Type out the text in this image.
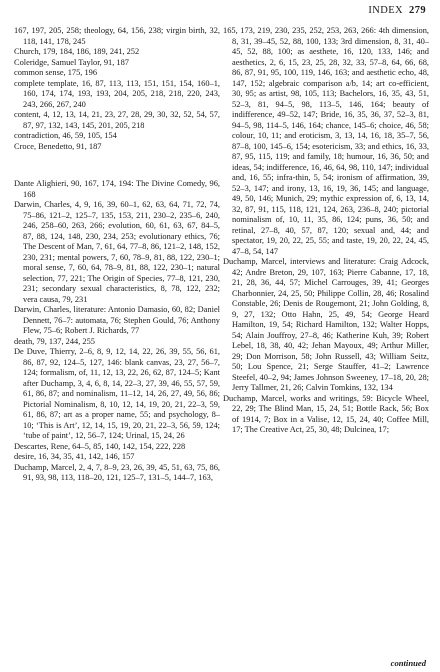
INDEX 279

167, 197, 205, 258; theology, 64, 156, 238; virgin birth, 32, 118, 141, 178, 245

Church, 179, 184, 186, 189, 241, 252

Coleridge, Samuel Taylor, 91, 187

common sense, 175, 196

complete template, 16, 87, 113, 113, 151, 151, 154, 160–1, 160, 174, 174, 193, 193, 204, 205, 218, 218, 220, 243, 243, 266, 267, 240

content, 4, 12, 13, 14, 21, 23, 27, 28, 29, 30, 32, 52, 54, 57, 87, 97, 132, 143, 145, 201, 205, 218

contradiction, 46, 59, 105, 154

Croce, Benedetto, 91, 187

Dante Alighieri, 90, 167, 174, 194: The Divine Comedy, 96, 168

Darwin, Charles, 4, 9, 16, 39, 60–1, 62, 63, 64, 71, 72, 74, 75–86, 121–2, 125–7, 135, 153, 211, 230–2, 235–6, 240, 246, 258–60, 263, 266; evolution, 60, 61, 63, 67, 84–5, 87, 88, 124, 148, 230, 234, 253; evolutionary ethics, 76; The Descent of Man, 7, 61, 64, 77–8, 86, 121–2, 148, 152, 230, 231; mental powers, 7, 60, 78–9, 81, 88, 122, 230–1; moral sense, 7, 60, 64, 78–9, 81, 88, 122, 230–1; natural selection, 77, 221; The Origin of Species, 77–8, 121, 230, 231; secondary sexual characteristics, 8, 78, 122, 232; vera causa, 79, 231

Darwin, Charles, literature: Antonio Damasio, 60, 82; Daniel Dennett, 76–7: automata, 76; Stephen Gould, 76; Anthony Flew, 75–6; Robert J. Richards, 77

death, 79, 137, 244, 255

De Duve, Thierry, 2–6, 8, 9, 12, 14, 22, 26, 39, 55, 56, 61, 86, 87, 92, 124–5, 127, 146: blank canvas, 23, 27, 56–7, 124; formalism, of, 11, 12, 13, 22, 26, 62, 87, 124–5; Kant after Duchamp, 3, 4, 6, 8, 14, 22–3, 27, 39, 46, 55, 57, 59, 61, 86, 87; and nominalism, 11–12, 14, 26, 27, 49, 56, 86; Pictorial Nominalism, 8, 10, 12, 14, 19, 20, 21, 22–3, 59, 61, 86, 87; art as a proper name, 55; and psychology, 8–10; ‘This is Art’, 12, 14, 15, 19, 20, 21, 22–3, 56, 59, 124; ‘tube of paint’, 12, 56–7, 124; Urinal, 15, 24, 26

Descartes, Rene, 64–5, 85, 140, 142, 154, 222, 228

desire, 16, 34, 35, 41, 142, 146, 157

Duchamp, Marcel, 2, 4, 7, 8–9, 23, 26, 39, 45, 51, 63, 75, 86, 91, 93, 98, 113, 118–20, 121, 125–7, 131–5, 144–7, 163,

165, 173, 219, 230, 235, 252, 253, 263, 266: 4th dimension, 8, 31, 39–45, 52, 88, 100, 133; 3rd dimension, 8, 31, 40–45, 52, 88, 100; as aesthete, 16, 120, 133, 146; and aesthetics, 2, 6, 15, 23, 25, 28, 32, 33, 57–8, 64, 66, 68, 86, 87, 91, 95, 100, 119, 146, 163; and aesthetic echo, 48, 147, 152; algebraic comparison a/b, 14; art co-efficient, 30, 95; as artist, 98, 105, 113; Bachelors, 16, 35, 43, 51, 52–3, 81, 94–5, 98, 113–5, 146, 164; beauty of indifference, 49–52, 147; Bride, 16, 35, 36, 37, 52–3, 81, 94–5, 98, 114–5, 146, 164; chance, 145–6; choice, 46, 58; colour, 10, 11; and eroticism, 3, 13, 14, 16, 18, 35–7, 56, 87–8, 100, 145–6, 154; esotericism, 33; and ethics, 16, 33, 87, 95, 115, 119; and family, 18; humour, 16, 36, 50; and ideas, 54; indifference, 16, 46, 64, 98, 110, 147; individual and, 16, 55; infra-thin, 5, 54; ironism of affirmation, 39, 52–3, 147; and irony, 13, 16, 19, 36, 145; and language, 49, 50, 146; Munich, 29; mythic expression of, 6, 13, 14, 32, 87, 91, 115, 118, 121, 124, 263, 236–8, 240; pictorial nominalism of, 10, 11, 35, 86, 124; puns, 36, 50; and retinal, 27–8, 40, 57, 87, 120; sexual and, 44; and spectator, 19, 20, 22, 25, 55; and taste, 19, 20, 22, 24, 45, 47–8, 54, 147

Duchamp, Marcel, interviews and literature: Craig Adcock, 42; Andre Breton, 29, 107, 163; Pierre Cabanne, 17, 18, 21, 28, 36, 44, 57; Michel Carrouges, 39, 41; Georges Charbonnier, 24, 25, 50; Philippe Collin, 28, 46; Rosalind Constable, 26; Denis de Rougemont, 21; John Golding, 8, 9, 27, 132; Otto Hahn, 25, 49, 54; George Heard Hamilton, 19, 54; Richard Hamilton, 132; Walter Hopps, 54; Alain Jouffroy, 27–8, 46; Katherine Kuh, 39; Robert Lebel, 18, 38, 40, 42; Jehan Mayoux, 49; Arthur Miller, 29; Don Morrison, 58; John Russell, 43; William Seitz, 50; Lou Spence, 21; Serge Stauffer, 41–2; Lawrence Steefel, 40–2, 94; James Johnson Sweeney, 17–18, 20, 28; Jerry Tallmer, 21, 26; Calvin Tomkins, 132, 134

Duchamp, Marcel, works and writings, 59: Bicycle Wheel, 22, 29; The Blind Man, 15, 24, 51; Bottle Rack, 56; Box of 1914, 7; Box in a Valise, 12, 15, 24, 40; Coffee Mill, 17; The Creative Act, 25, 30, 48; Dulcinea, 17;

continued
